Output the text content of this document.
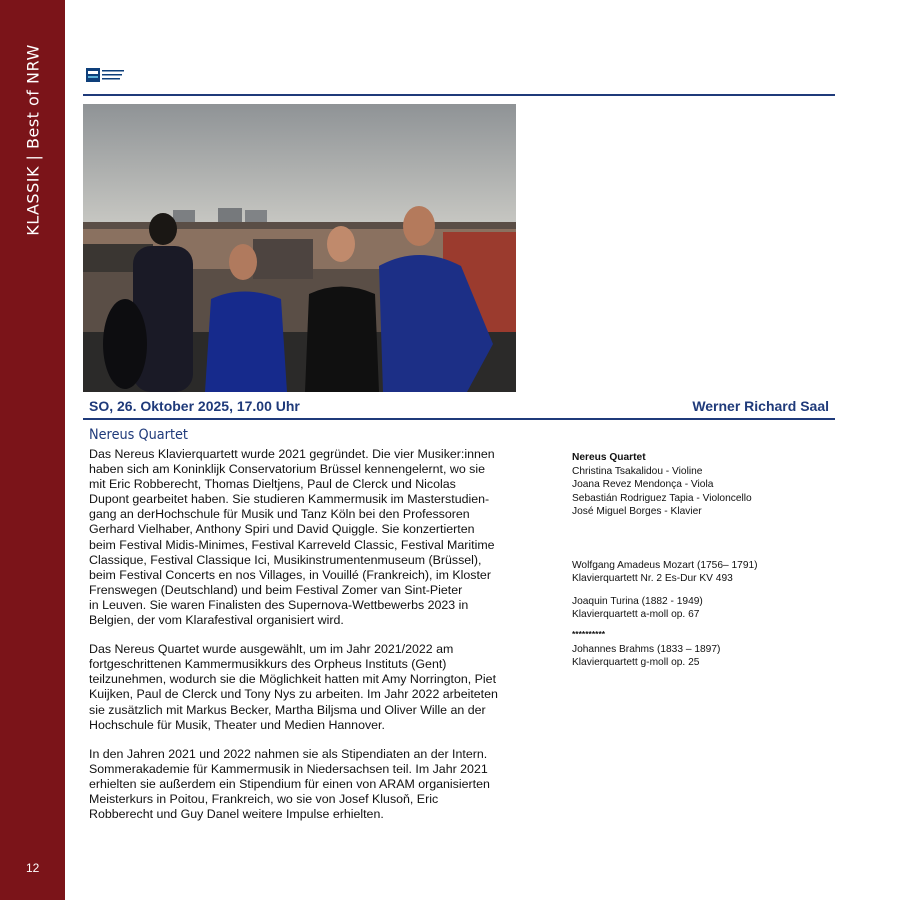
KLASSIK | Best of NRW
12
SO, 26. Oktober 2025, 17.00 Uhr	Werner Richard Saal
Nereus Quartet

Das Nereus Klavierquartett wurde 2021 gegründet. Die vier Musiker:innen
haben sich am Koninklijk Conservatorium Brüssel kennengelernt, wo sie
mit Eric Robberecht, Thomas Dieltjens, Paul de Clerck und Nicolas
Dupont gearbeitet haben. Sie studieren Kammermusik im Masterstudien-
gang an derHochschule für Musik und Tanz Köln bei den Professoren
Gerhard Vielhaber, Anthony Spiri und David Quiggle. Sie konzertierten
beim Festival Midis-Minimes, Festival Karreveld Classic, Festival Maritime
Classique, Festival Classique Ici, Musikinstrumentenmuseum (Brüssel),
beim Festival Concerts en nos Villages, in Vouillé (Frankreich), im Kloster
Frenswegen (Deutschland) und beim Festival Zomer van Sint-Pieter
in Leuven. Sie waren Finalisten des Supernova-Wettbewerbs 2023 in
Belgien, der vom Klarafestival organisiert wird.

Das Nereus Quartet wurde ausgewählt, um im Jahr 2021/2022 am
fortgeschrittenen Kammermusikkurs des Orpheus Instituts (Gent)
teilzunehmen, wodurch sie die Möglichkeit hatten mit Amy Norrington, Piet
Kuijken, Paul de Clerck und Tony Nys zu arbeiten. Im Jahr 2022 arbeiteten
sie zusätzlich mit Markus Becker, Martha Biljsma und Oliver Wille an der
Hochschule für Musik, Theater und Medien Hannover.

In den Jahren 2021 und 2022 nahmen sie als Stipendiaten an der Intern.
Sommerakademie für Kammermusik in Niedersachsen teil. Im Jahr 2021
erhielten sie außerdem ein Stipendium für einen von ARAM organisierten
Meisterkurs in Poitou, Frankreich, wo sie von Josef Klusoň, Eric
Robberecht und Guy Danel weitere Impulse erhielten.

Nereus Quartet
Christina Tsakalidou - Violine
Joana Revez Mendonça - Viola
Sebastián Rodriguez Tapia - Violoncello
José Miguel Borges - Klavier
Wolfgang Amadeus Mozart (1756– 1791)
Klavierquartett Nr. 2 Es-Dur KV 493
Joaquin Turina (1882 - 1949)
Klavierquartett a-moll op. 67
**********
Johannes Brahms (1833 – 1897)
Klavierquartett g-moll op. 25
